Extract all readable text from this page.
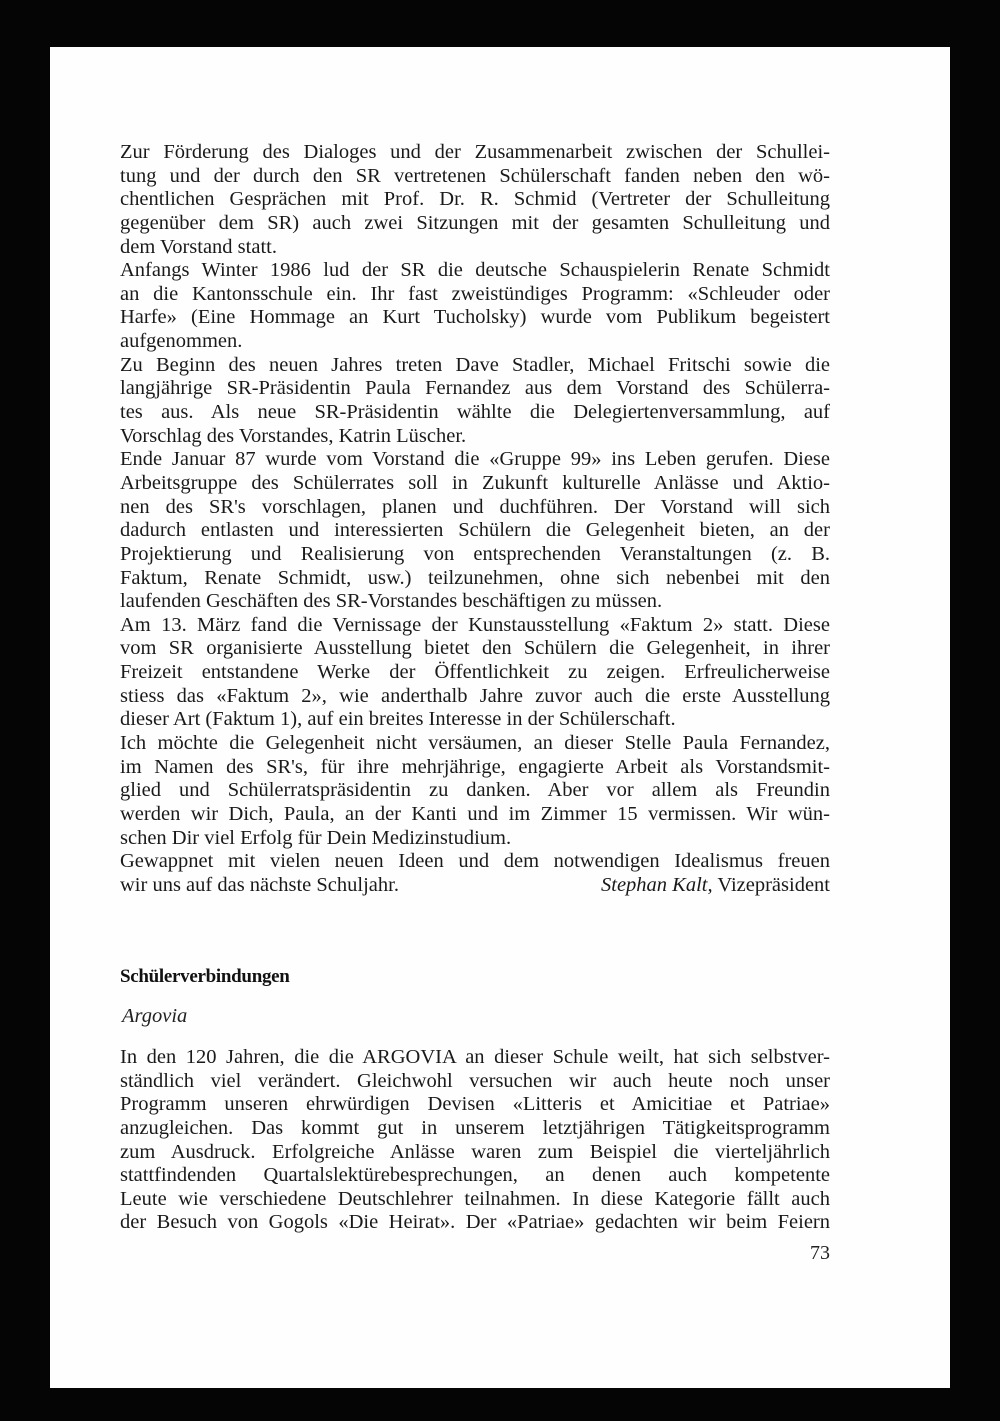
Zur Förderung des Dialoges und der Zusammenarbeit zwischen der Schullei-
tung und der durch den SR vertretenen Schülerschaft fanden neben den wö-
chentlichen Gesprächen mit Prof. Dr. R. Schmid (Vertreter der Schulleitung
gegenüber dem SR) auch zwei Sitzungen mit der gesamten Schulleitung und
dem Vorstand statt.
Anfangs Winter 1986 lud der SR die deutsche Schauspielerin Renate Schmidt
an die Kantonsschule ein. Ihr fast zweistündiges Programm: «Schleuder oder
Harfe» (Eine Hommage an Kurt Tucholsky) wurde vom Publikum begeistert
aufgenommen.
Zu Beginn des neuen Jahres treten Dave Stadler, Michael Fritschi sowie die
langjährige SR-Präsidentin Paula Fernandez aus dem Vorstand des Schülerra-
tes aus. Als neue SR-Präsidentin wählte die Delegiertenversammlung, auf
Vorschlag des Vorstandes, Katrin Lüscher.
Ende Januar 87 wurde vom Vorstand die «Gruppe 99» ins Leben gerufen. Diese
Arbeitsgruppe des Schülerrates soll in Zukunft kulturelle Anlässe und Aktio-
nen des SR's vorschlagen, planen und duchführen. Der Vorstand will sich
dadurch entlasten und interessierten Schülern die Gelegenheit bieten, an der
Projektierung und Realisierung von entsprechenden Veranstaltungen (z. B.
Faktum, Renate Schmidt, usw.) teilzunehmen, ohne sich nebenbei mit den
laufenden Geschäften des SR-Vorstandes beschäftigen zu müssen.
Am 13. März fand die Vernissage der Kunstausstellung «Faktum 2» statt. Diese
vom SR organisierte Ausstellung bietet den Schülern die Gelegenheit, in ihrer
Freizeit entstandene Werke der Öffentlichkeit zu zeigen. Erfreulicherweise
stiess das «Faktum 2», wie anderthalb Jahre zuvor auch die erste Ausstellung
dieser Art (Faktum 1), auf ein breites Interesse in der Schülerschaft.
Ich möchte die Gelegenheit nicht versäumen, an dieser Stelle Paula Fernandez,
im Namen des SR's, für ihre mehrjährige, engagierte Arbeit als Vorstandsmit-
glied und Schülerratspräsidentin zu danken. Aber vor allem als Freundin
werden wir Dich, Paula, an der Kanti und im Zimmer 15 vermissen. Wir wün-
schen Dir viel Erfolg für Dein Medizinstudium.
Gewappnet mit vielen neuen Ideen und dem notwendigen Idealismus freuen
wir uns auf das nächste Schuljahr.	Stephan Kalt, Vizepräsident
Schülerverbindungen
Argovia
In den 120 Jahren, die die ARGOVIA an dieser Schule weilt, hat sich selbstver-
ständlich viel verändert. Gleichwohl versuchen wir auch heute noch unser
Programm unseren ehrwürdigen Devisen «Litteris et Amicitiae et Patriae»
anzugleichen. Das kommt gut in unserem letztjährigen Tätigkeitsprogramm
zum Ausdruck. Erfolgreiche Anlässe waren zum Beispiel die vierteljährlich
stattfindenden Quartalslektürebesprechungen, an denen auch kompetente
Leute wie verschiedene Deutschlehrer teilnahmen. In diese Kategorie fällt auch
der Besuch von Gogols «Die Heirat». Der «Patriae» gedachten wir beim Feiern
73
